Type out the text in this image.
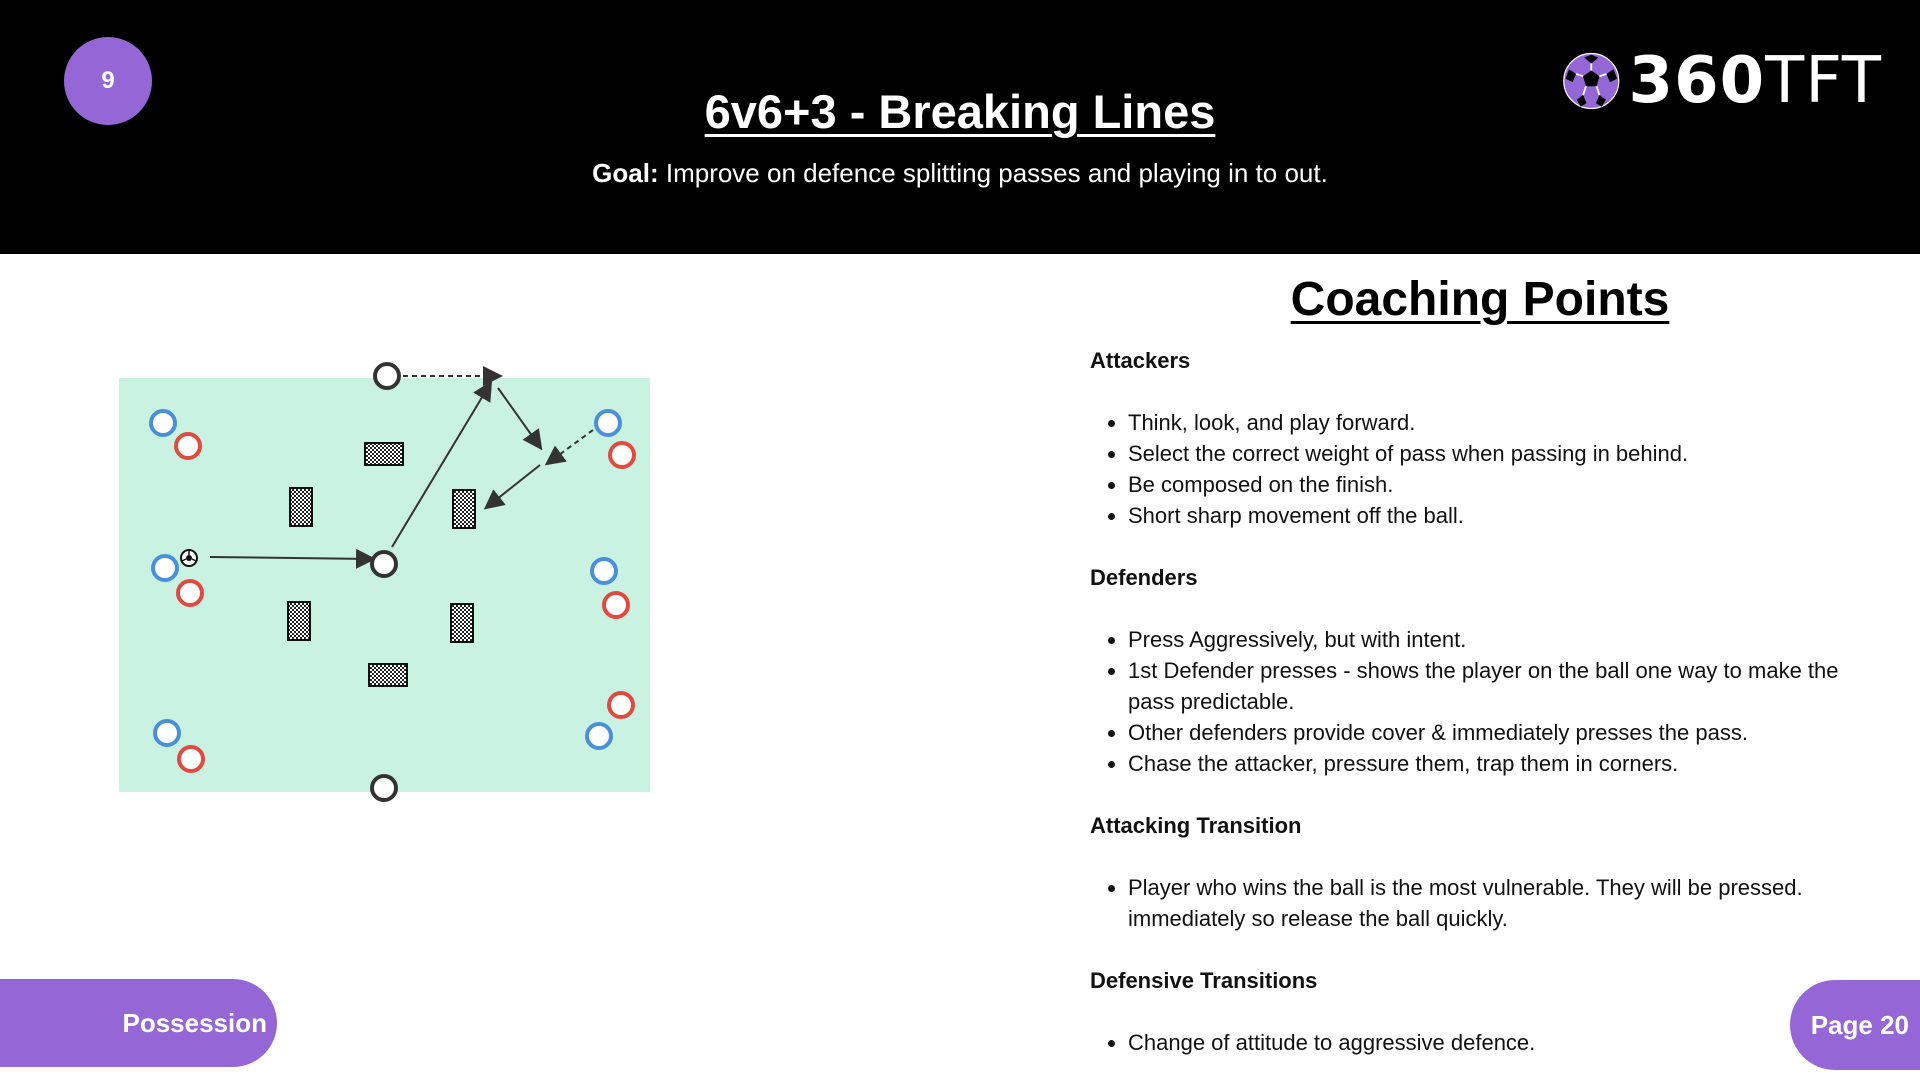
9
6v6+3 - Breaking Lines
Goal: Improve on defence splitting passes and playing in to out.
360TFT
Coaching Points
Attackers
• Think, look, and play forward.
• Select the correct weight of pass when passing in behind.
• Be composed on the finish.
• Short sharp movement off the ball.
Defenders
• Press Aggressively, but with intent.
• 1st Defender presses - shows the player on the ball one way to make the pass predictable.
• Other defenders provide cover & immediately presses the pass.
• Chase the attacker, pressure them, trap them in corners.
Attacking Transition
• Player who wins the ball is the most vulnerable. They will be pressed. immediately so release the ball quickly.
Defensive Transitions
• Change of attitude to aggressive defence.
Possession	Page 20
